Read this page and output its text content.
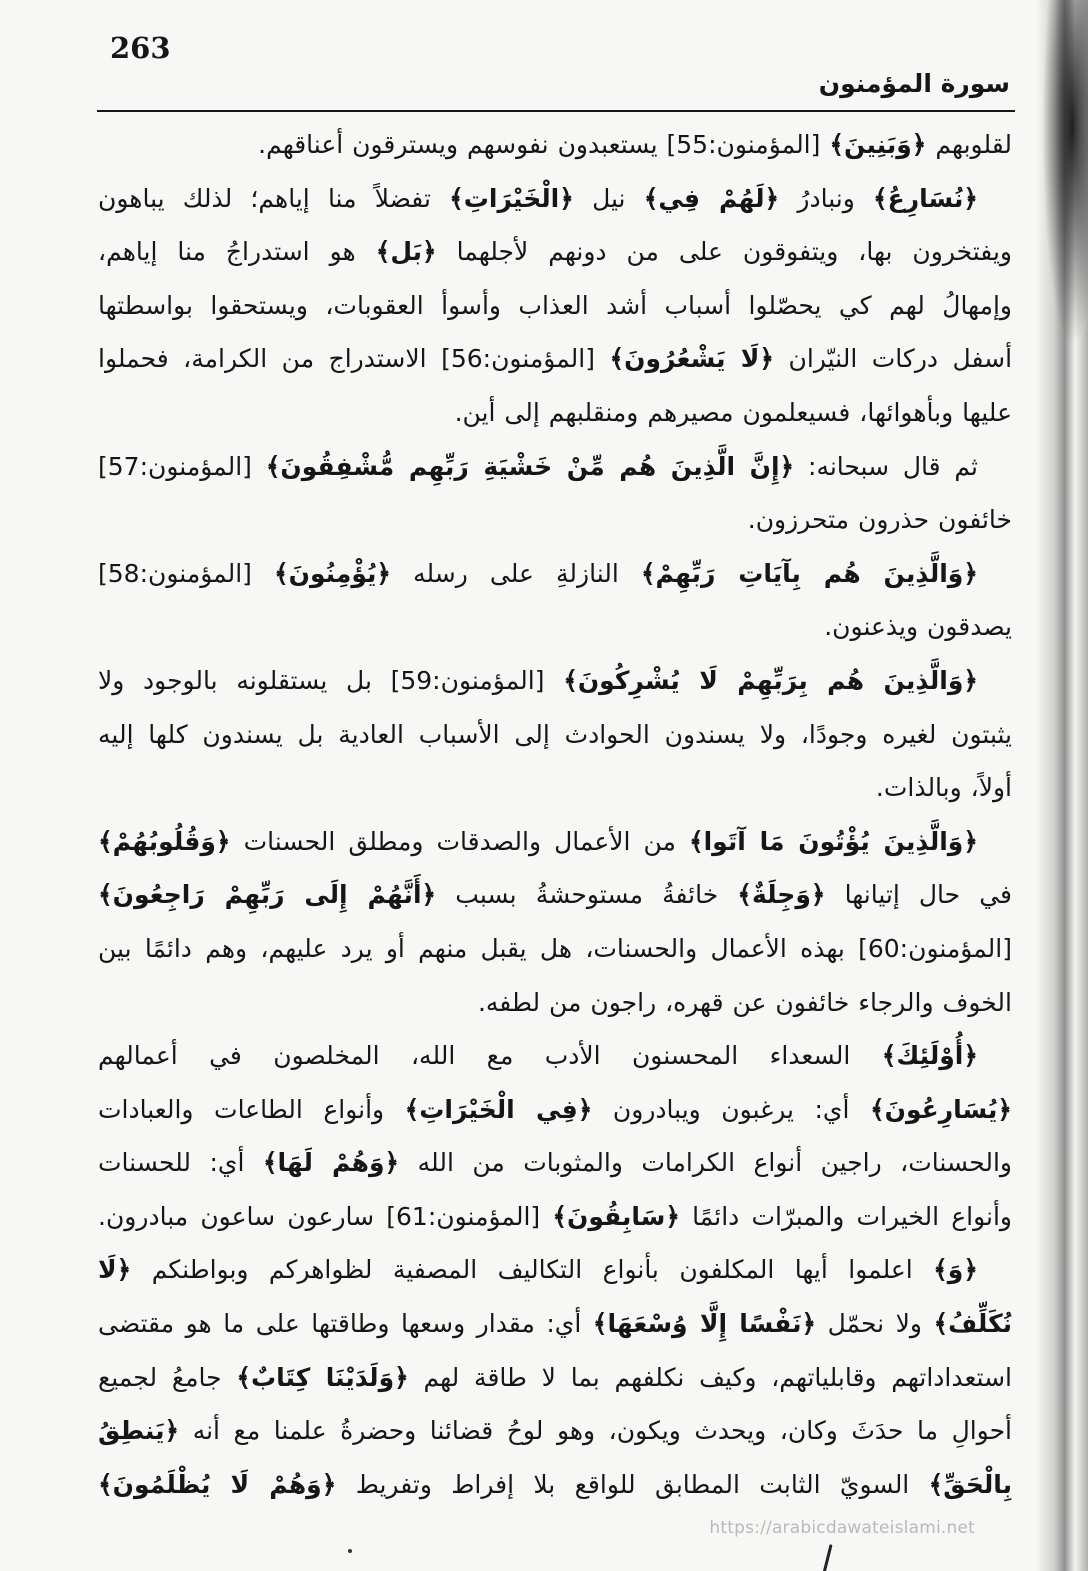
263
سورة المؤمنون
لقلوبهم ﴿وَبَنِينَ﴾ [المؤمنون:55] يستعبدون نفوسهم ويسترقون أعناقهم.
﴿نُسَارِعُ﴾ ونبادرُ ﴿لَهُمْ فِي﴾ نيل ﴿الْخَيْرَاتِ﴾ تفضلاً منا إياهم؛ لذلك يباهون
ويفتخرون بها، ويتفوقون على من دونهم لأجلهما ﴿بَل﴾ هو استدراجُ منا إياهم،
وإمهالُ لهم كي يحصّلوا أسباب أشد العذاب وأسوأ العقوبات، ويستحقوا بواسطتها
أسفل دركات النيّران ﴿لَا يَشْعُرُونَ﴾ [المؤمنون:56] الاستدراج من الكرامة، فحملوا
عليها وبأهوائها، فسيعلمون مصيرهم ومنقلبهم إلى أين.
ثم قال سبحانه: ﴿إِنَّ الَّذِينَ هُم مِّنْ خَشْيَةِ رَبِّهِم مُّشْفِقُونَ﴾ [المؤمنون:57]
خائفون حذرون متحرزون.
﴿وَالَّذِينَ هُم بِآيَاتِ رَبِّهِمْ﴾ النازلةِ على رسله ﴿يُؤْمِنُونَ﴾ [المؤمنون:58]
يصدقون ويذعنون.
﴿وَالَّذِينَ هُم بِرَبِّهِمْ لَا يُشْرِكُونَ﴾ [المؤمنون:59] بل يستقلونه بالوجود ولا
يثبتون لغيره وجودًا، ولا يسندون الحوادث إلى الأسباب العادية بل يسندون كلها إليه
أولاً، وبالذات.
﴿وَالَّذِينَ يُؤْتُونَ مَا آتَوا﴾ من الأعمال والصدقات ومطلق الحسنات ﴿وَقُلُوبُهُمْ﴾
في حال إتيانها ﴿وَجِلَةٌ﴾ خائفةُ مستوحشةُ بسبب ﴿أَنَّهُمْ إِلَى رَبِّهِمْ رَاجِعُونَ﴾
[المؤمنون:60] بهذه الأعمال والحسنات، هل يقبل منهم أو يرد عليهم، وهم دائمًا بين
الخوف والرجاء خائفون عن قهره، راجون من لطفه.
﴿أُوْلَئِكَ﴾ السعداء المحسنون الأدب مع الله، المخلصون في أعمالهم
﴿يُسَارِعُونَ﴾ أي: يرغبون ويبادرون ﴿فِي الْخَيْرَاتِ﴾ وأنواع الطاعات والعبادات
والحسنات، راجين أنواع الكرامات والمثوبات من الله ﴿وَهُمْ لَهَا﴾ أي: للحسنات
وأنواع الخيرات والمبرّات دائمًا ﴿سَابِقُونَ﴾ [المؤمنون:61] سارعون ساعون مبادرون.
﴿وَ﴾ اعلموا أيها المكلفون بأنواع التكاليف المصفية لظواهركم وبواطنكم ﴿لَا
نُكَلِّفُ﴾ ولا نحمّل ﴿نَفْسًا إِلَّا وُسْعَهَا﴾ أي: مقدار وسعها وطاقتها على ما هو مقتضى
استعداداتهم وقابلياتهم، وكيف نكلفهم بما لا طاقة لهم ﴿وَلَدَيْنَا كِتَابٌ﴾ جامعُ لجميع
أحوالِ ما حدَثَ وكان، ويحدث ويكون، وهو لوحُ قضائنا وحضرةُ علمنا مع أنه ﴿يَنطِقُ
بِالْحَقِّ﴾ السويّ الثابت المطابق للواقع بلا إفراط وتفريط ﴿وَهُمْ لَا يُظْلَمُونَ﴾
https://arabicdawateislami.net
